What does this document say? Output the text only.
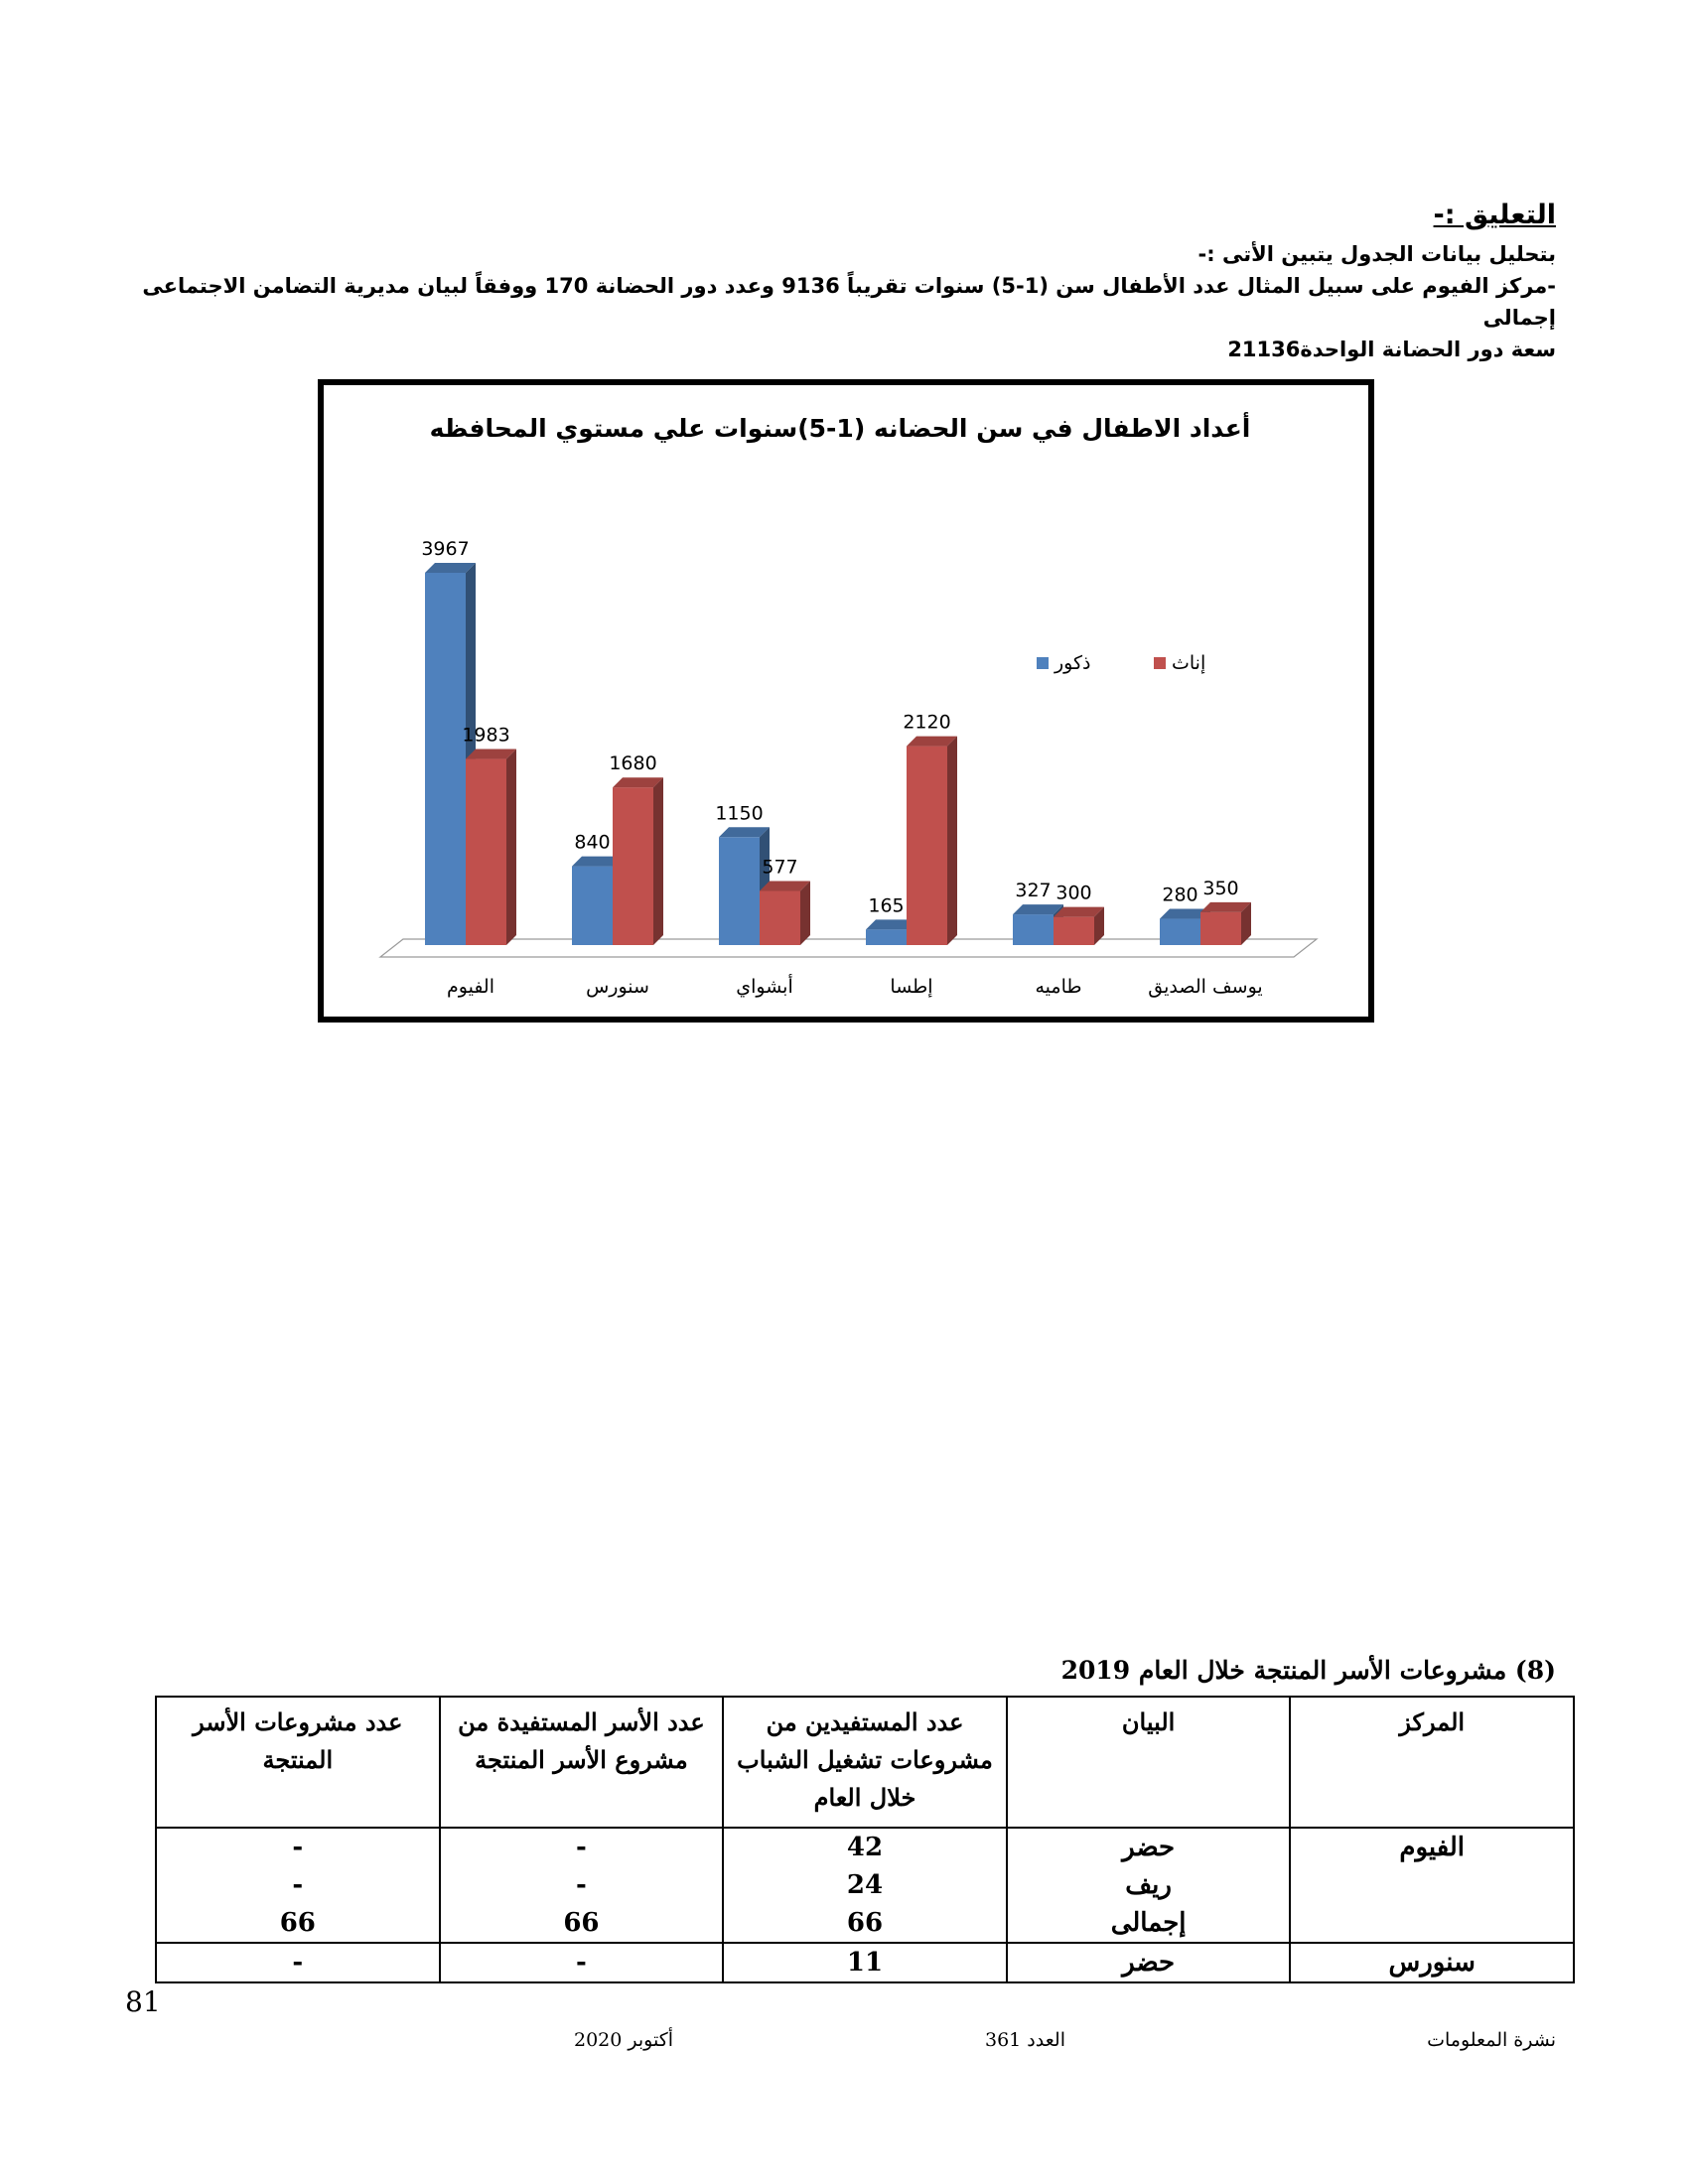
التعليق :-

بتحليل بيانات الجدول يتبين الأتى :-

-مركز الفيوم على سبيل المثال عدد الأطفال سن (1-5) سنوات تقريباً 9136 وعدد دور الحضانة 170 ووفقاً لبيان مديرية التضامن الاجتماعى إجمالى

سعة دور الحضانة الواحدة21136

أعداد الاطفال في سن الحضانه (1-5)سنوات علي مستوي المحافظه
3967
1983
840
1680
1150
577
165
2120
327 300	280 350
الفيوم	سنورس	أبشواي	إطسا	طاميه	يوسف الصديق
ذكور	إناث
(8) مشروعات الأسر المنتجة خلال العام 2019
المركز	البيان	عدد المستفيدين من مشروعات تشغيل الشباب خلال العام	عدد الأسر المستفيدة من مشروع الأسر المنتجة	عدد مشروعات الأسر المنتجة
الفيوم	حضر	42	-	-
	ريف	24	-	-
	إجمالى	66	66	66
سنورس	حضر	11	-	-
81
نشرة المعلومات
العدد 361
أكتوبر 2020
